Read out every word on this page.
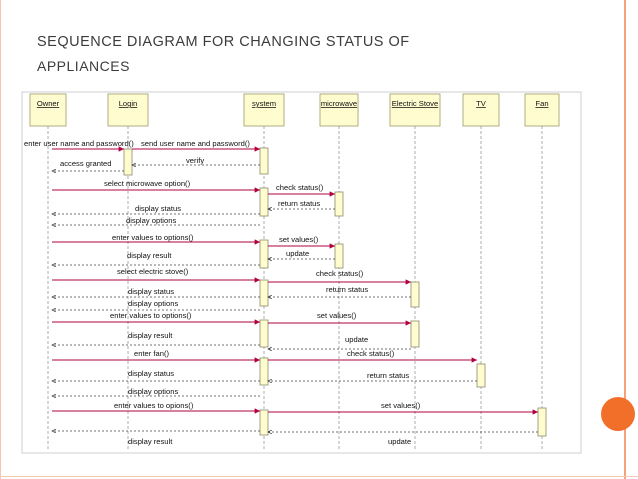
SEQUENCE DIAGRAM FOR CHANGING STATUS OF
APPLIANCES
Owner	Login	system	microwave	Electric Stove	TV	Fan
enter user name and password() send user name and password()
verify
access granted
select microwave option()	check status()
return status
display status
display options
enter values to options()	set values()
update
display result
select electric stove()	check status()
return status
display status
display options
enter values to options()	set values()
update
display result
enter fan()	check status()
return status
display status
display options
enter values to opions()	set values()
update
display result
